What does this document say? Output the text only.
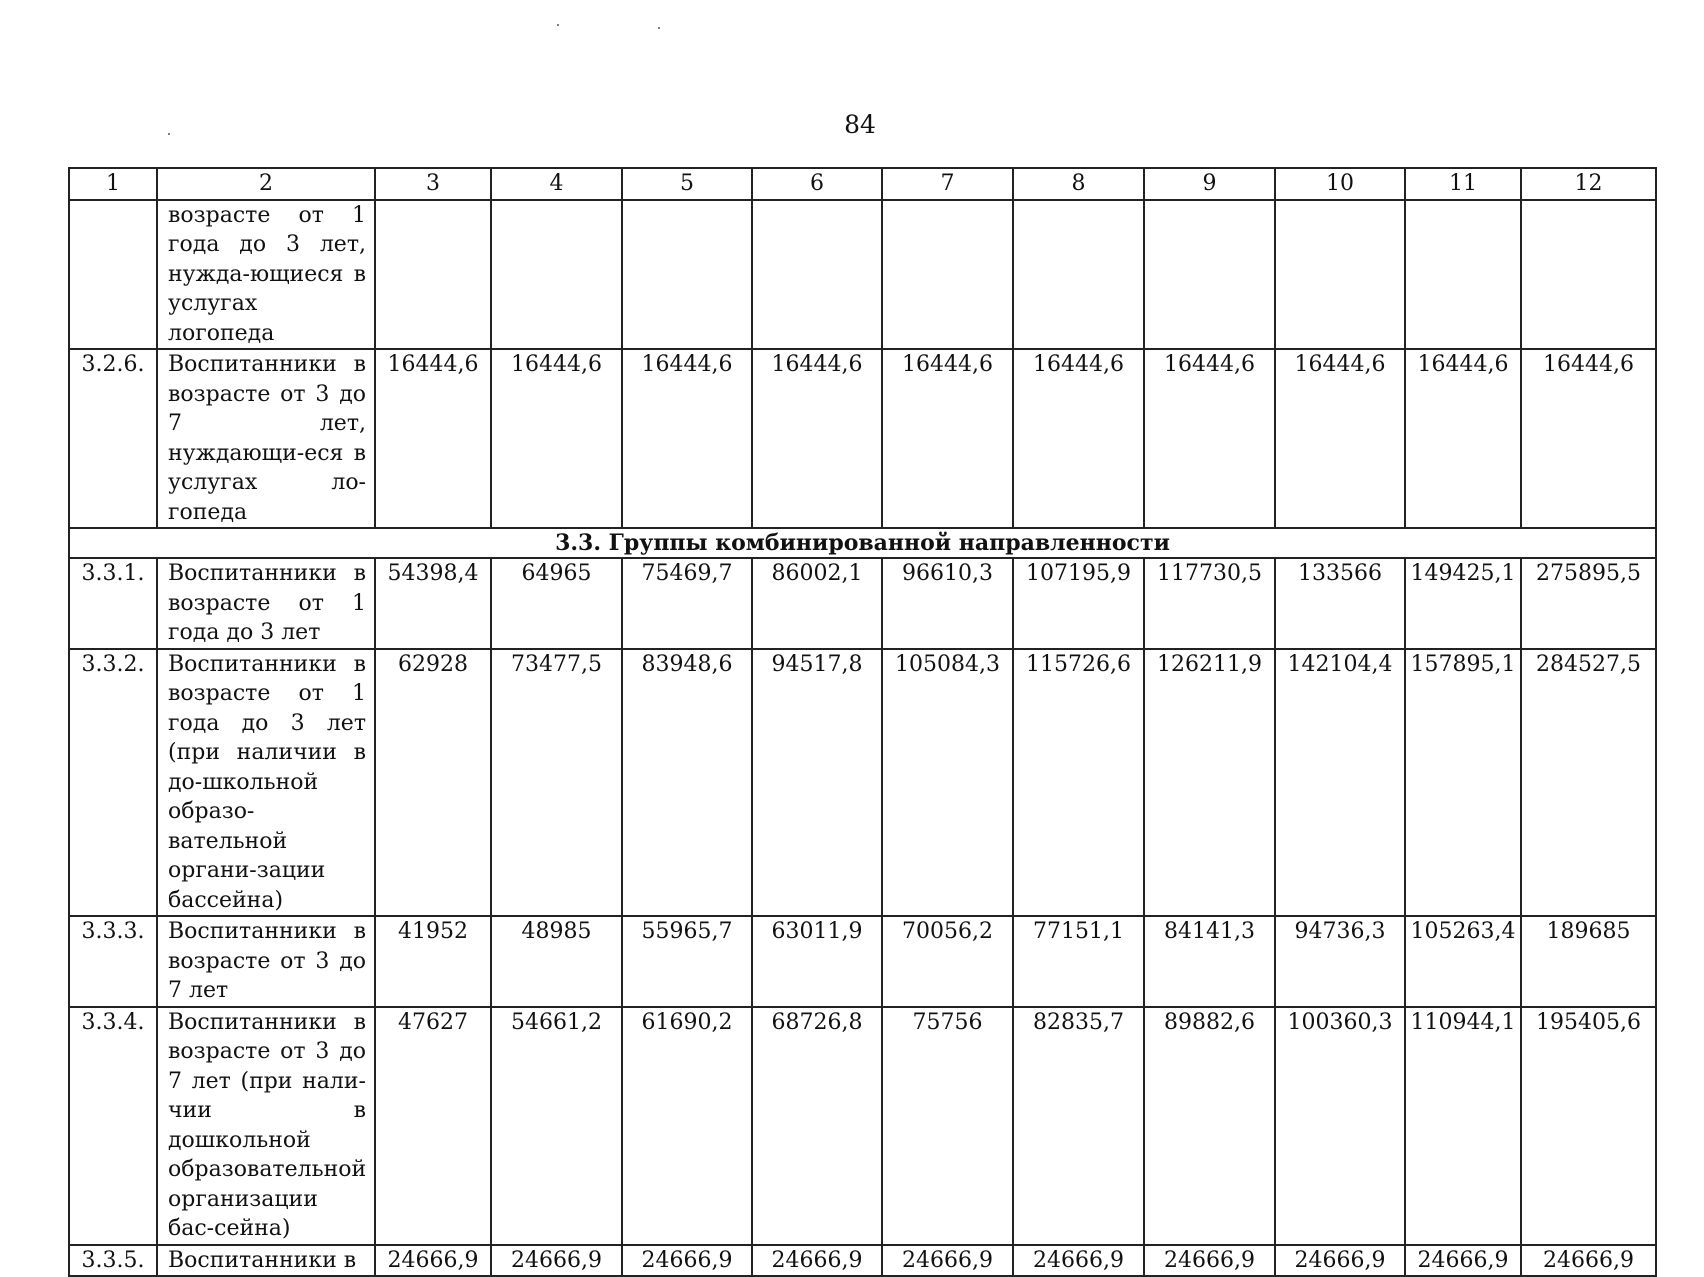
84
1	2	3	4	5	6	7	8	9	10	11	12
	возрасте от 1 года до 3 лет, нужда-ющиеся в услугах логопеда										
3.2.6.	Воспитанники в возрасте от 3 до 7 лет, нуждающи-еся в услугах ло-гопеда	16444,6	16444,6	16444,6	16444,6	16444,6	16444,6	16444,6	16444,6	16444,6	16444,6
3.3. Группы комбинированной направленности											
3.3.1.	Воспитанники в возрасте от 1 года до 3 лет	54398,4	64965	75469,7	86002,1	96610,3	107195,9	117730,5	133566	149425,1	275895,5
3.3.2.	Воспитанники в возрасте от 1 года до 3 лет (при наличии в до-школьной образо-вательной органи-зации бассейна)	62928	73477,5	83948,6	94517,8	105084,3	115726,6	126211,9	142104,4	157895,1	284527,5
3.3.3.	Воспитанники в возрасте от 3 до 7 лет	41952	48985	55965,7	63011,9	70056,2	77151,1	84141,3	94736,3	105263,4	189685
3.3.4.	Воспитанники в возрасте от 3 до 7 лет (при нали-чии в дошкольной образовательной организации бас-сейна)	47627	54661,2	61690,2	68726,8	75756	82835,7	89882,6	100360,3	110944,1	195405,6
3.3.5.	Воспитанники в	24666,9	24666,9	24666,9	24666,9	24666,9	24666,9	24666,9	24666,9	24666,9	24666,9
